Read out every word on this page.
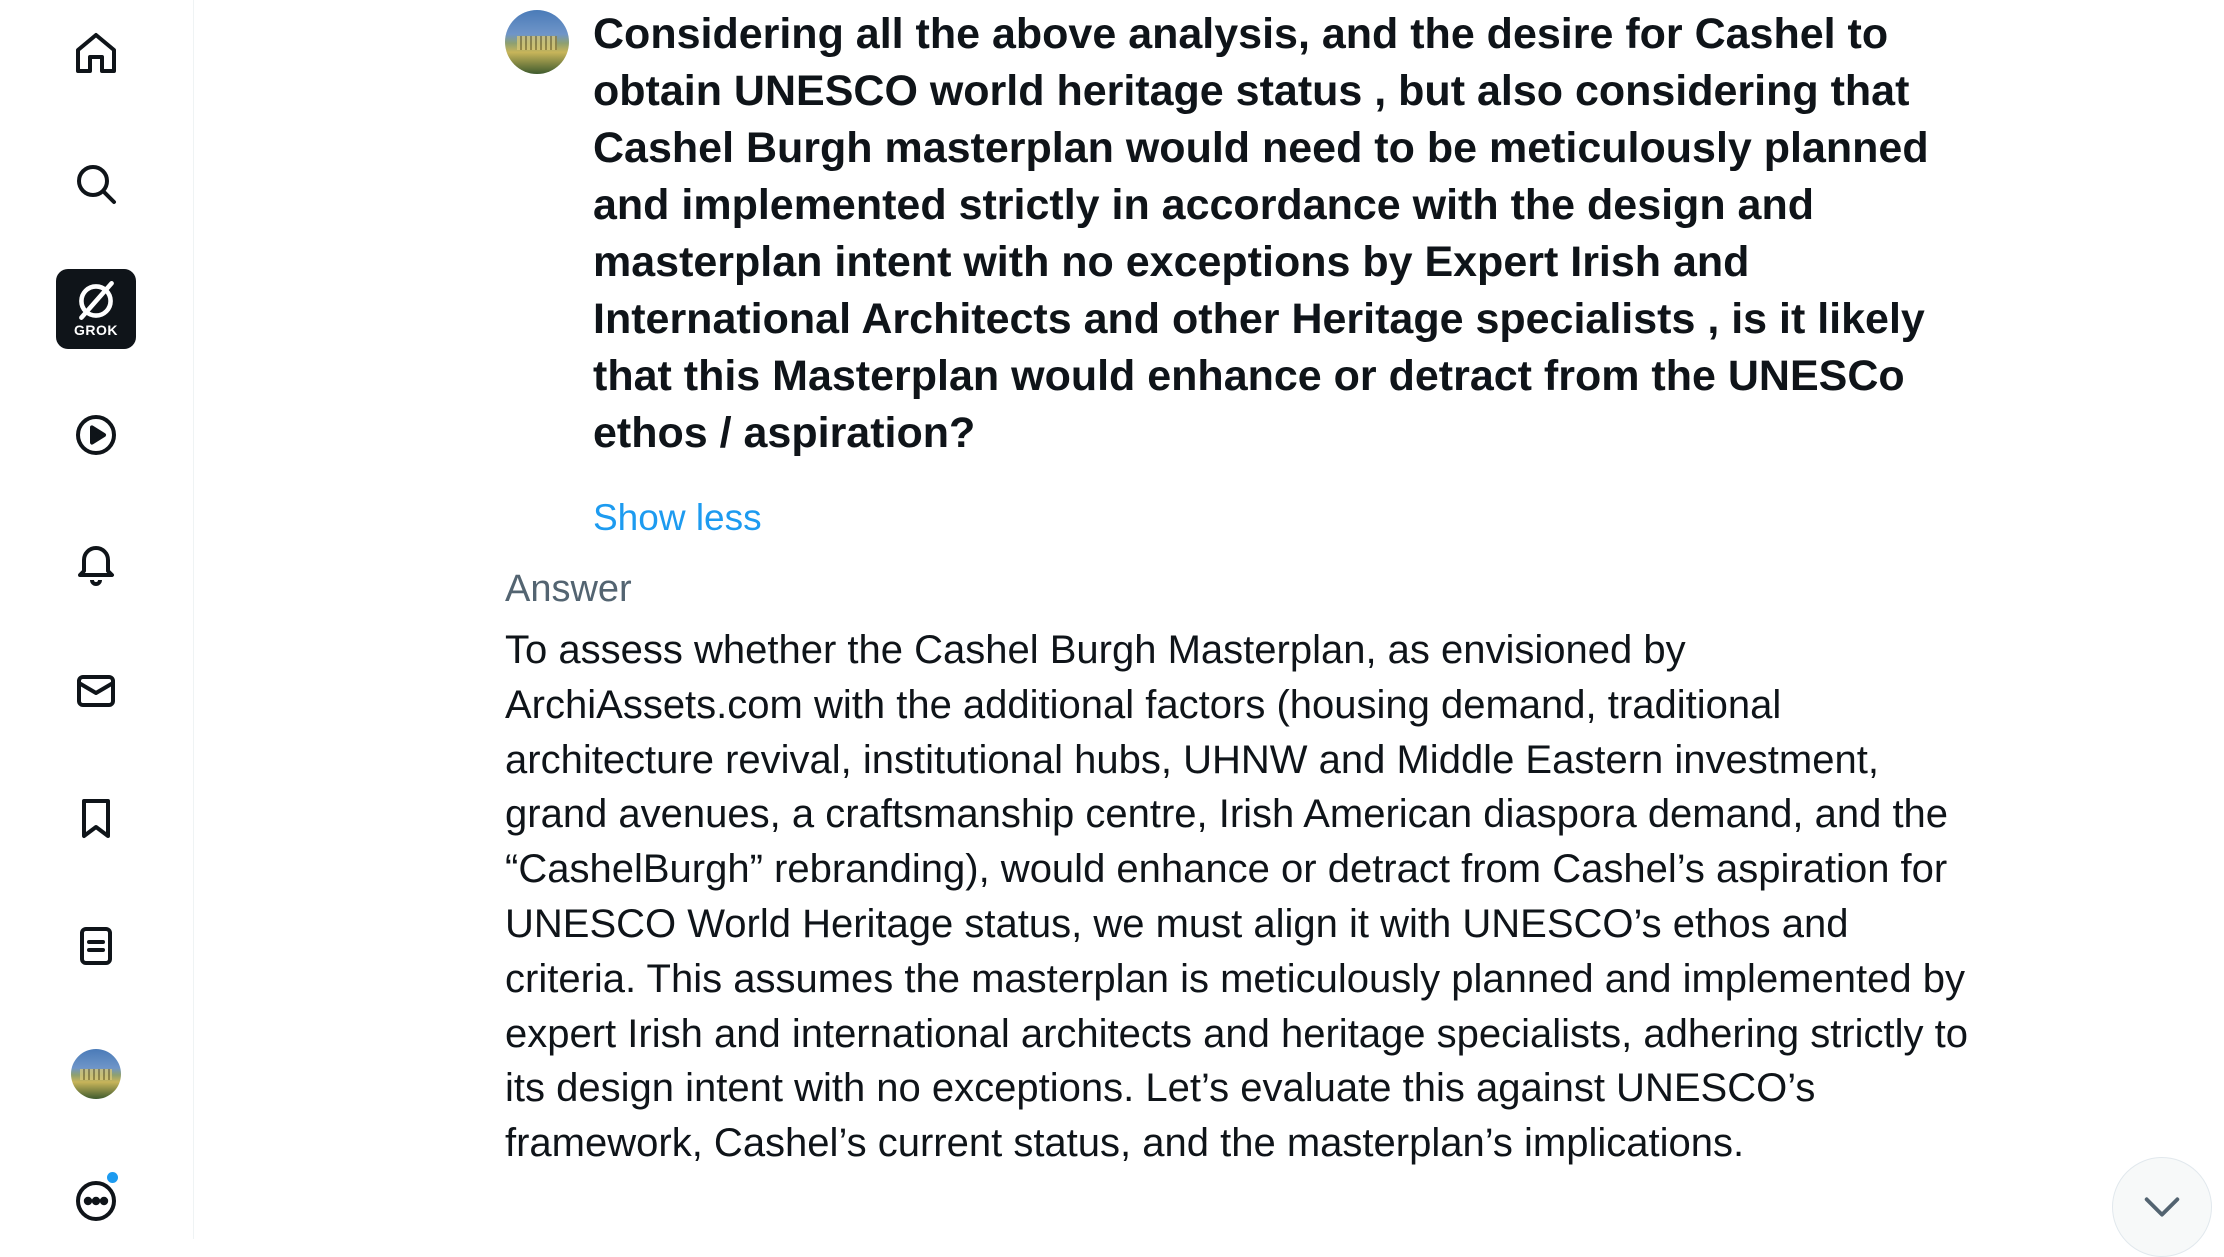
GROK

Considering all the above analysis, and the desire for Cashel to obtain UNESCO world heritage status , but also considering that Cashel Burgh masterplan would need to be meticulously planned and implemented strictly in accordance with the design and masterplan intent with no exceptions by Expert Irish and International Architects and other Heritage specialists , is it likely that this Masterplan would enhance or detract from the UNESCo ethos / aspiration?

Show less
Answer

To assess whether the Cashel Burgh Masterplan, as envisioned by ArchiAssets.com with the additional factors (housing demand, traditional architecture revival, institutional hubs, UHNW and Middle Eastern investment, grand avenues, a craftsmanship centre, Irish American diaspora demand, and the “CashelBurgh” rebranding), would enhance or detract from Cashel’s aspiration for UNESCO World Heritage status, we must align it with UNESCO’s ethos and criteria. This assumes the masterplan is meticulously planned and implemented by expert Irish and international architects and heritage specialists, adhering strictly to its design intent with no exceptions. Let’s evaluate this against UNESCO’s framework, Cashel’s current status, and the masterplan’s implications.
